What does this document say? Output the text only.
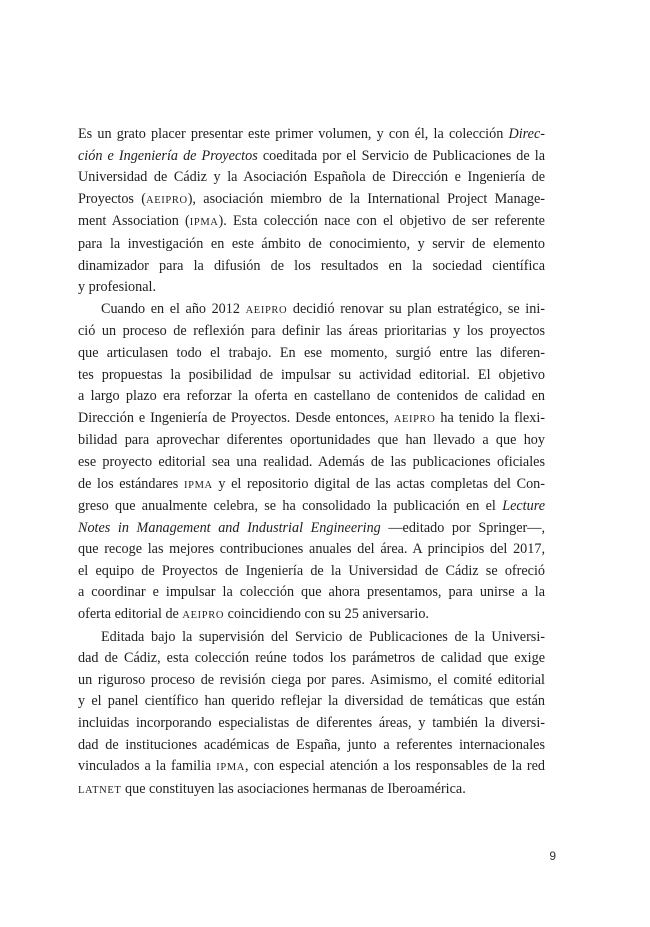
Es un grato placer presentar este primer volumen, y con él, la colección Direc-
ción e Ingeniería de Proyectos coeditada por el Servicio de Publicaciones de la
Universidad de Cádiz y la Asociación Española de Dirección e Ingeniería de
Proyectos (AEIPRO), asociación miembro de la International Project Manage-
ment Association (IPMA). Esta colección nace con el objetivo de ser referente
para la investigación en este ámbito de conocimiento, y servir de elemento
dinamizador para la difusión de los resultados en la sociedad científica
y profesional.
Cuando en el año 2012 AEIPRO decidió renovar su plan estratégico, se ini-
ció un proceso de reflexión para definir las áreas prioritarias y los proyectos
que articulasen todo el trabajo. En ese momento, surgió entre las diferen-
tes propuestas la posibilidad de impulsar su actividad editorial. El objetivo
a largo plazo era reforzar la oferta en castellano de contenidos de calidad en
Dirección e Ingeniería de Proyectos. Desde entonces, AEIPRO ha tenido la flexi-
bilidad para aprovechar diferentes oportunidades que han llevado a que hoy
ese proyecto editorial sea una realidad. Además de las publicaciones oficiales
de los estándares IPMA y el repositorio digital de las actas completas del Con-
greso que anualmente celebra, se ha consolidado la publicación en el Lecture
Notes in Management and Industrial Engineering —editado por Springer—,
que recoge las mejores contribuciones anuales del área. A principios del 2017,
el equipo de Proyectos de Ingeniería de la Universidad de Cádiz se ofreció
a coordinar e impulsar la colección que ahora presentamos, para unirse a la
oferta editorial de AEIPRO coincidiendo con su 25 aniversario.
Editada bajo la supervisión del Servicio de Publicaciones de la Universi-
dad de Cádiz, esta colección reúne todos los parámetros de calidad que exige
un riguroso proceso de revisión ciega por pares. Asimismo, el comité editorial
y el panel científico han querido reflejar la diversidad de temáticas que están
incluidas incorporando especialistas de diferentes áreas, y también la diversi-
dad de instituciones académicas de España, junto a referentes internacionales
vinculados a la familia IPMA, con especial atención a los responsables de la red
LATNET que constituyen las asociaciones hermanas de Iberoamérica.
9
